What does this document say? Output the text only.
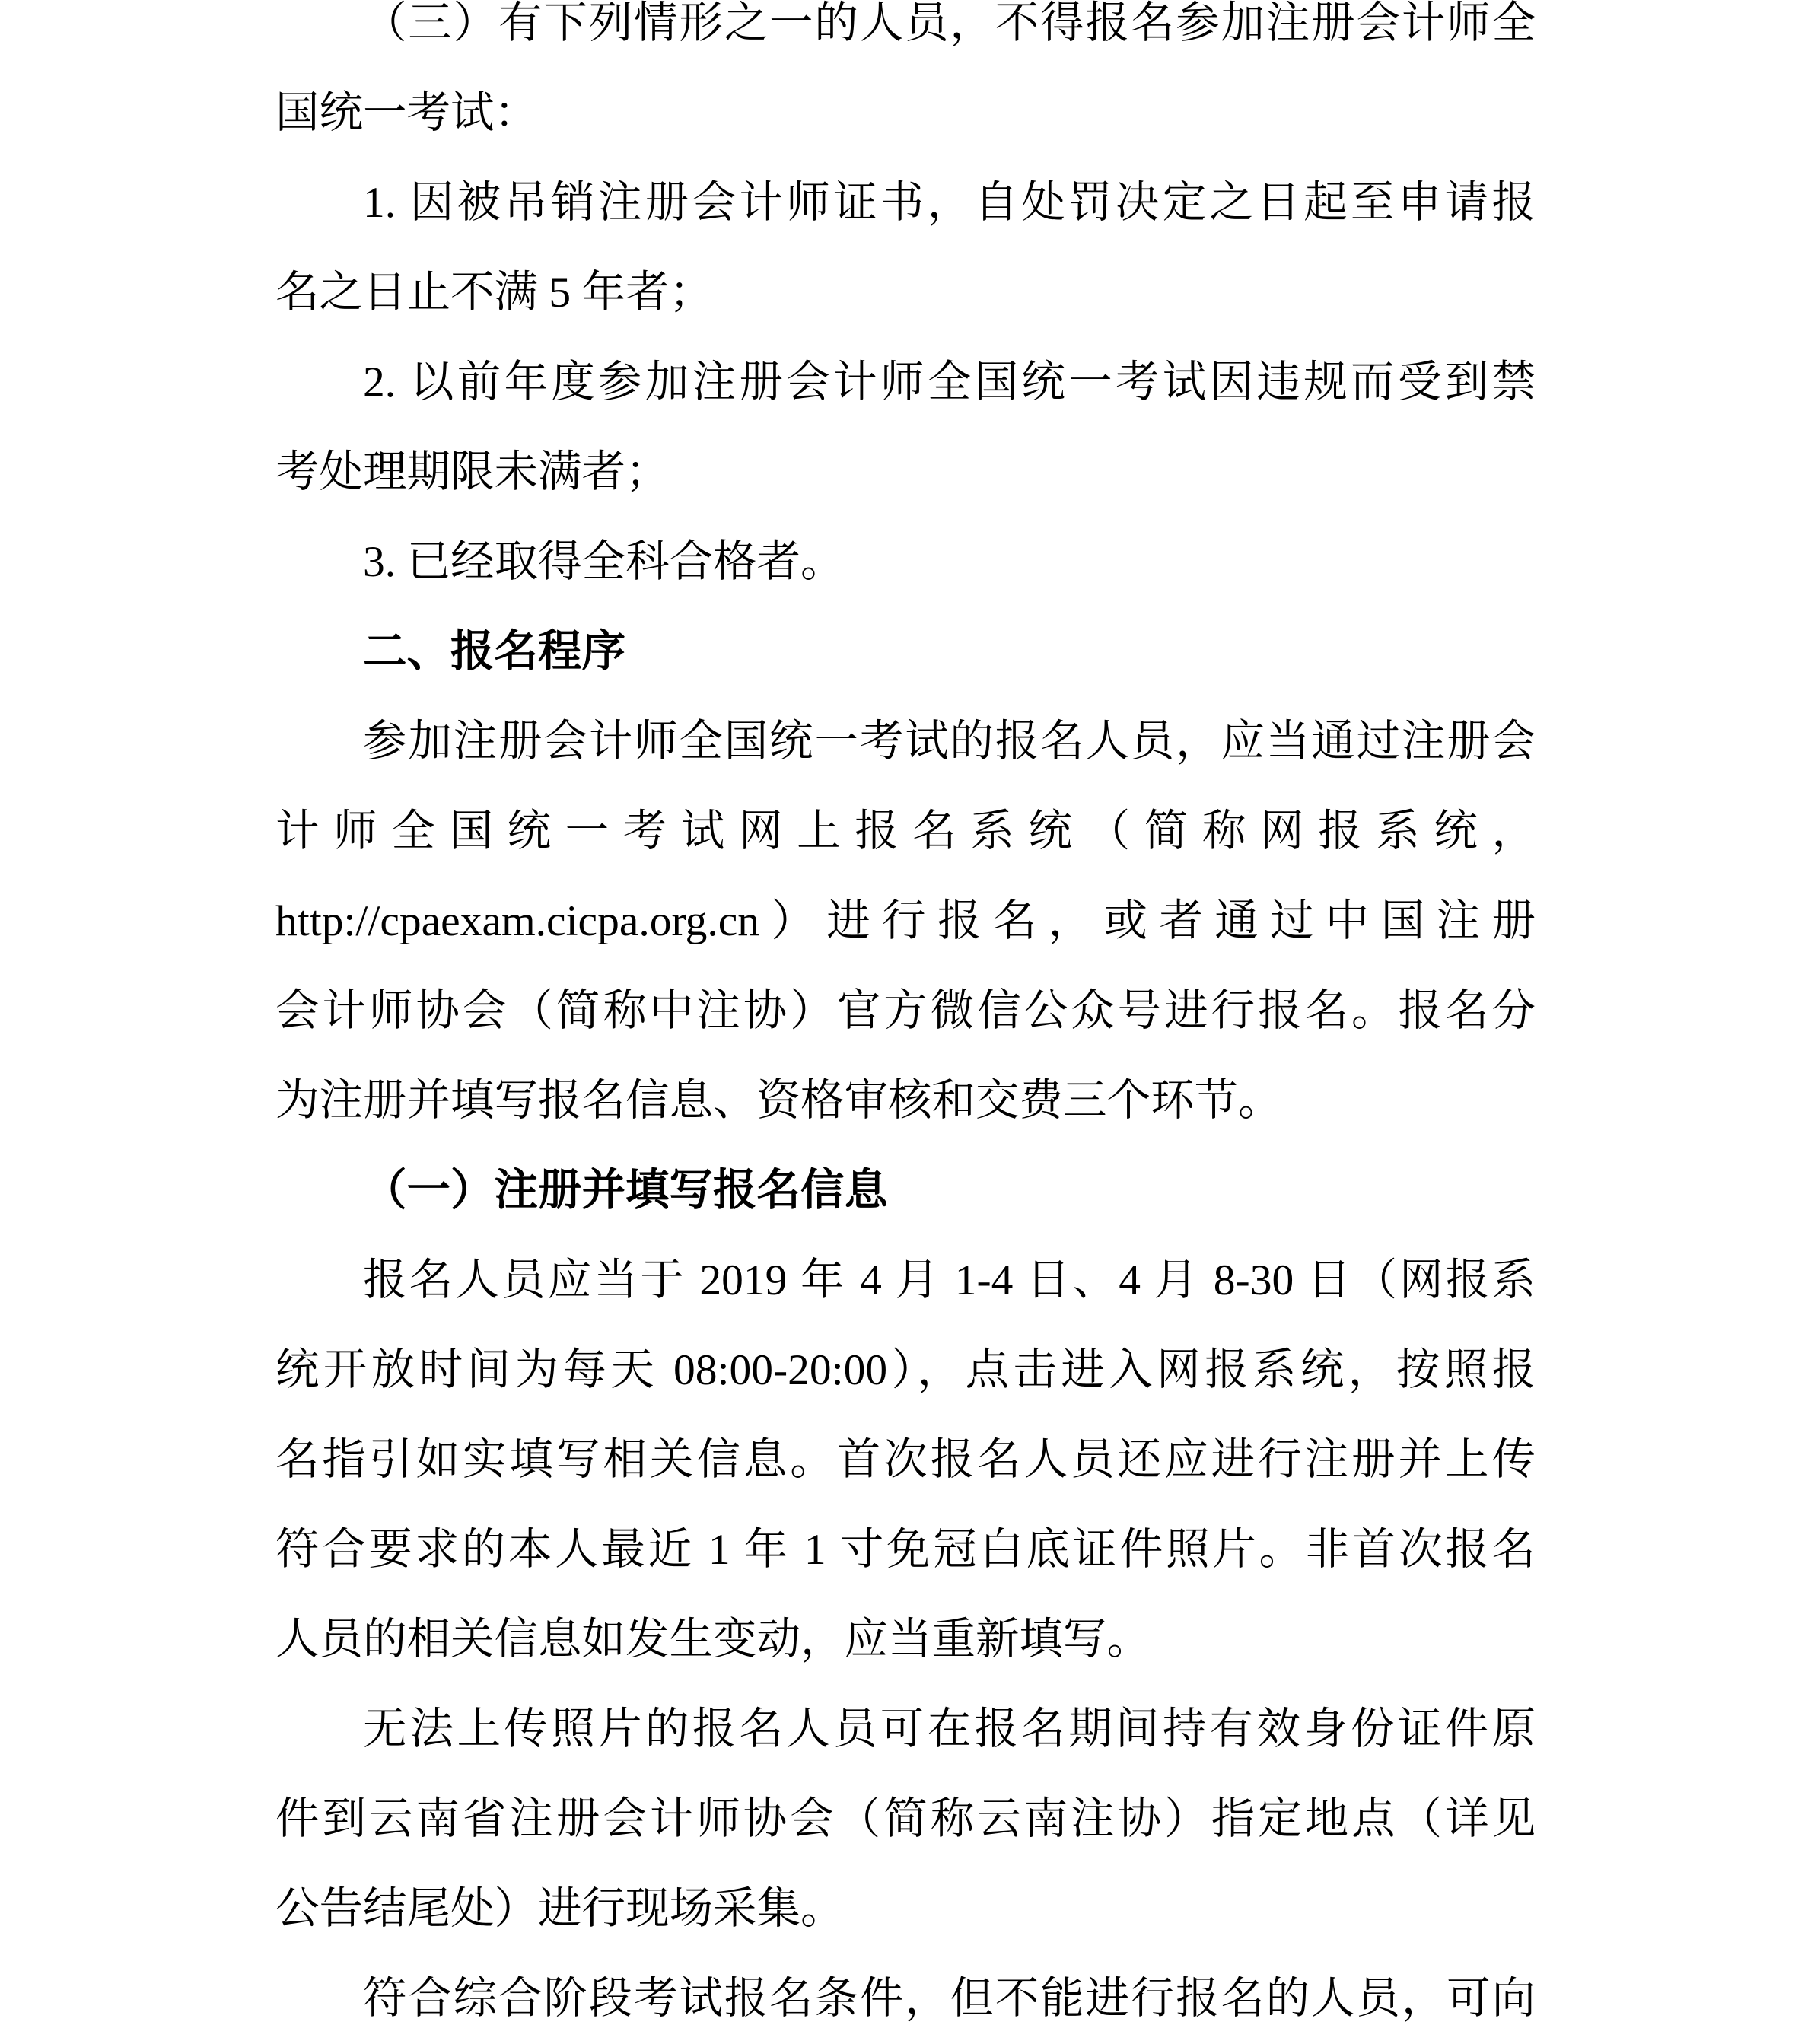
（三）有下列情形之一的人员，不得报名参加注册会计师全
国统一考试：
1. 因被吊销注册会计师证书，自处罚决定之日起至申请报
名之日止不满 5 年者；
2. 以前年度参加注册会计师全国统一考试因违规而受到禁
考处理期限未满者；
3. 已经取得全科合格者。
二、报名程序
参加注册会计师全国统一考试的报名人员，应当通过注册会
计师全国统一考试网上报名系统（简称网报系统，
http://cpaexam.cicpa.org.cn）进行报名，或者通过中国注册
会计师协会（简称中注协）官方微信公众号进行报名。报名分
为注册并填写报名信息、资格审核和交费三个环节。
（一）注册并填写报名信息
报名人员应当于 2019 年 4 月 1-4 日、4 月 8-30 日（网报系
统开放时间为每天 08:00-20:00），点击进入网报系统，按照报
名指引如实填写相关信息。首次报名人员还应进行注册并上传
符合要求的本人最近 1 年 1 寸免冠白底证件照片。非首次报名
人员的相关信息如发生变动，应当重新填写。
无法上传照片的报名人员可在报名期间持有效身份证件原
件到云南省注册会计师协会（简称云南注协）指定地点（详见
公告结尾处）进行现场采集。
符合综合阶段考试报名条件，但不能进行报名的人员，可向
